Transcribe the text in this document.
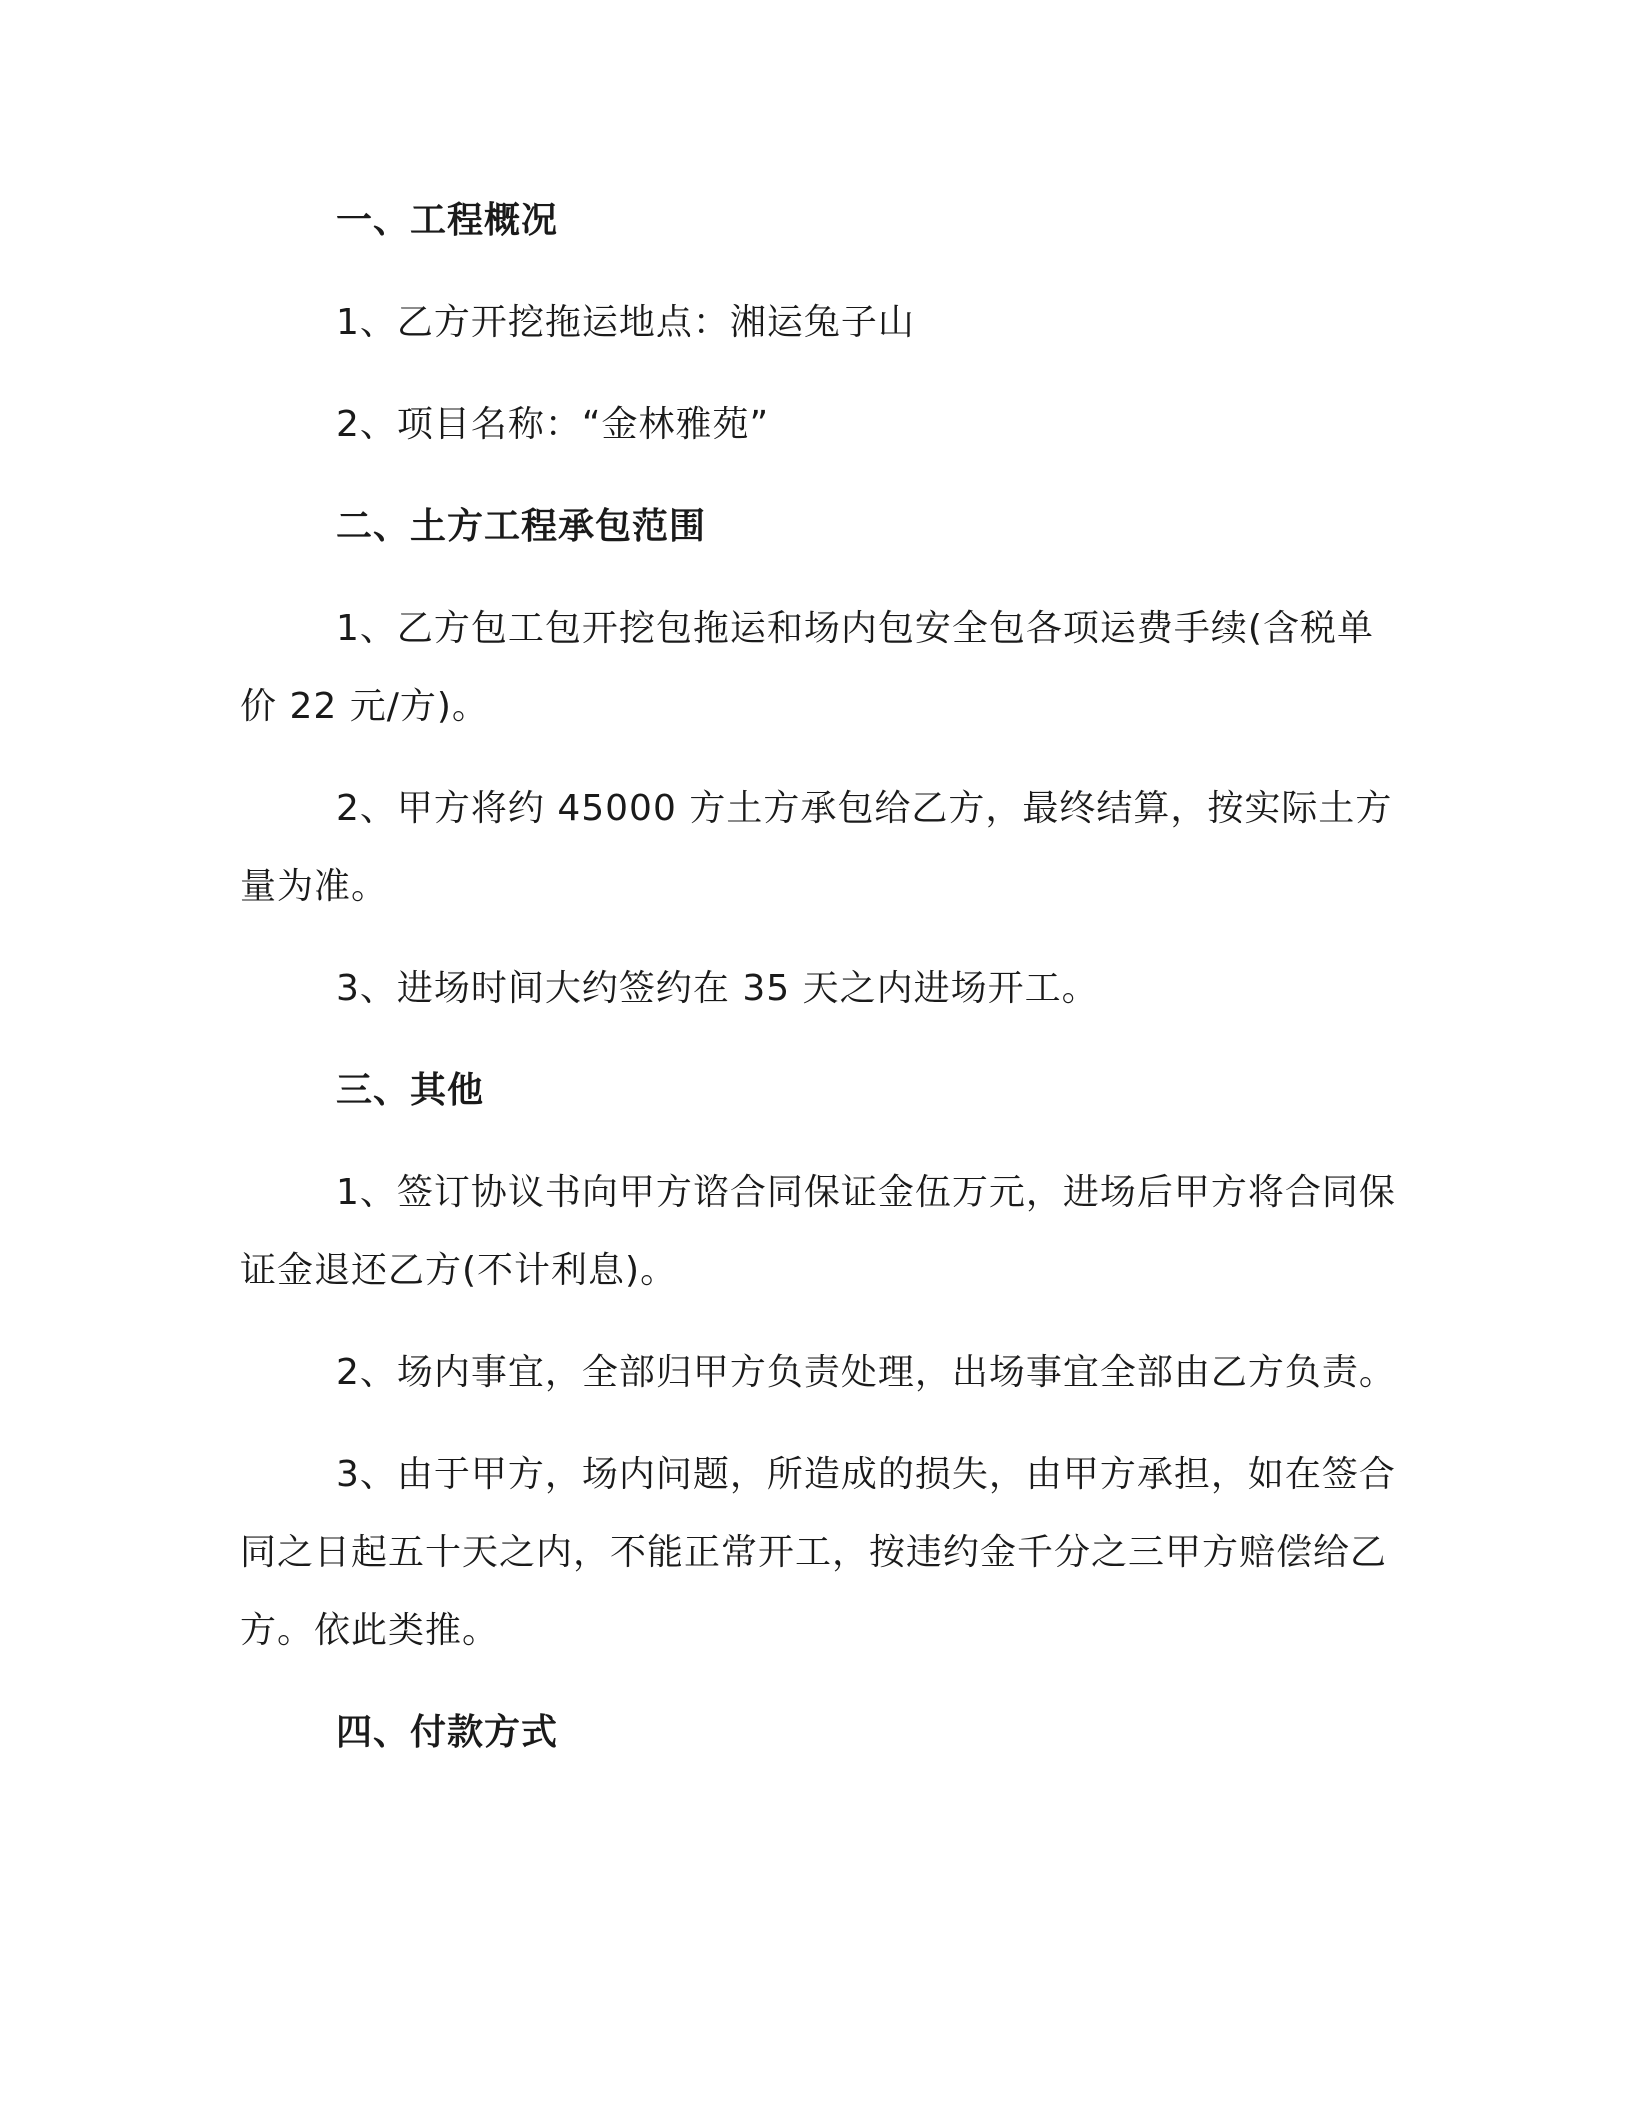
一、工程概况

1、乙方开挖拖运地点：湘运兔子山

2、项目名称：“金林雅苑”

二、土方工程承包范围

1、乙方包工包开挖包拖运和场内包安全包各项运费手续(含税单价 22 元/方)。

2、甲方将约 45000 方土方承包给乙方，最终结算，按实际土方量为准。

3、进场时间大约签约在 35 天之内进场开工。

三、其他

1、签订协议书向甲方谘合同保证金伍万元，进场后甲方将合同保证金退还乙方(不计利息)。

2、场内事宜，全部归甲方负责处理，出场事宜全部由乙方负责。

3、由于甲方，场内问题，所造成的损失，由甲方承担，如在签合同之日起五十天之内，不能正常开工，按违约金千分之三甲方赔偿给乙方。依此类推。

四、付款方式
